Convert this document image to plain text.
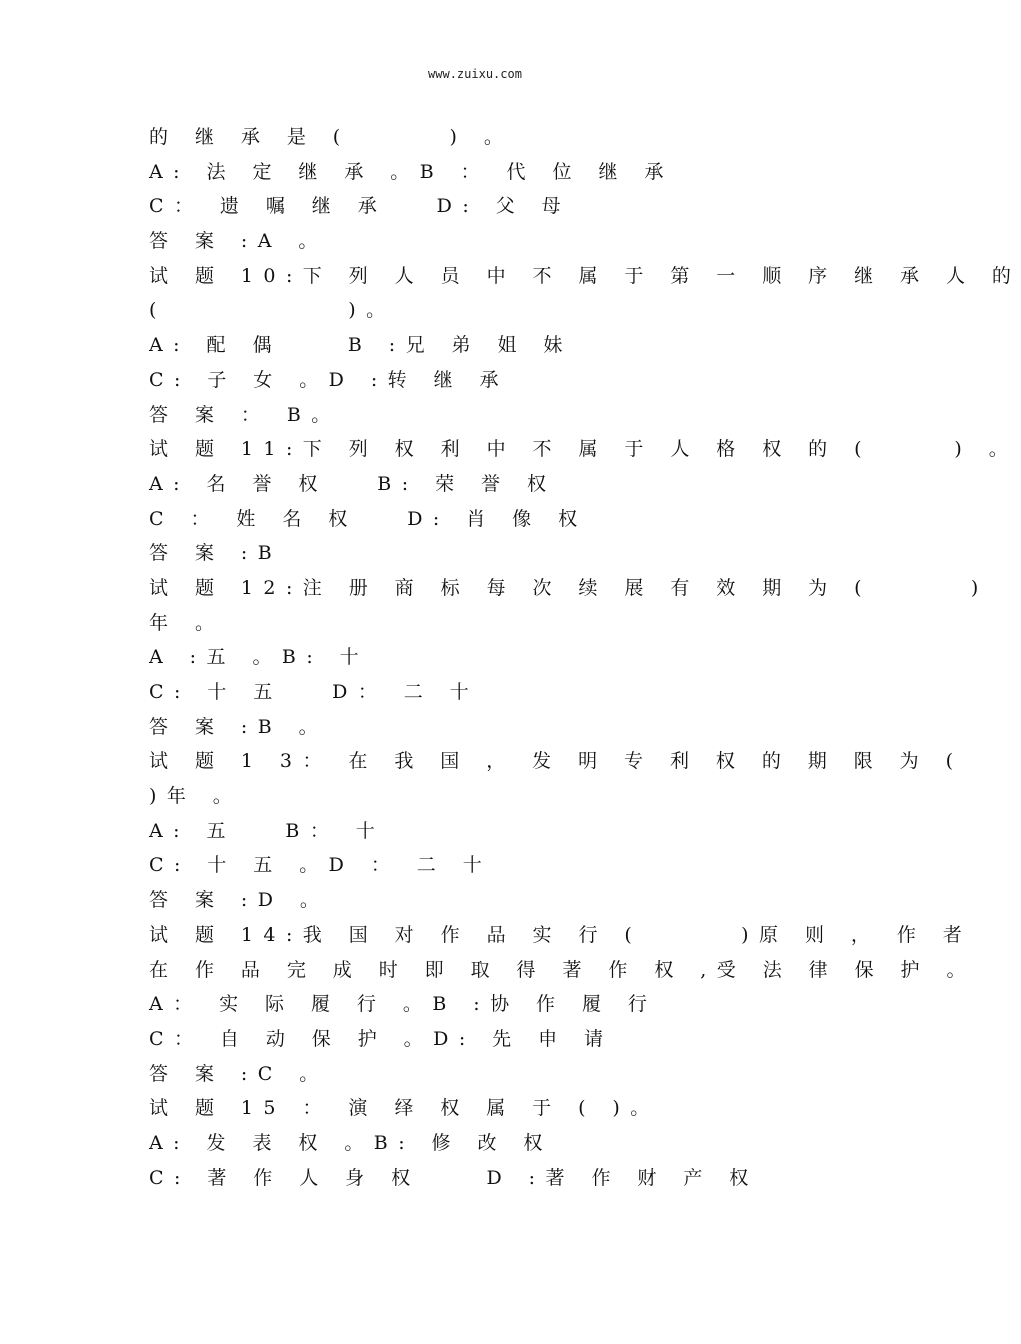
www.zuixu.com
的 继 承 是 (      ) 。
A: 法 定 继 承 。B ： 代 位 继 承
C： 遗 嘱 继 承   D: 父 母
答 案 :A 。
试 题 10:下 列 人 员 中 不 属 于 第 一 顺 序 继 承 人 的
(           )。
A: 配 偶    B :兄 弟 姐 妹
C: 子 女 。D :转 继 承
答 案 ： B。
试 题 11:下 列 权 利 中 不 属 于 人 格 权 的 (     ) 。
A: 名 誉 权   B: 荣 誉 权
C ： 姓 名 权   D: 肖 像 权
答 案 :B
试 题 12:注 册 商 标 每 次 续 展 有 效 期 为 (      )
年 。
A :五 。B: 十
C: 十 五   D： 二 十
答 案 :B 。
试 题 1 3： 在 我 国 ， 发 明 专 利 权 的 期 限 为 (
)年 。
A: 五   B： 十
C: 十 五 。D ： 二 十
答 案 :D 。
试 题 14:我 国 对 作 品 实 行 (      )原 则 ， 作 者
在 作 品 完 成 时 即 取 得 著 作 权 ,受 法 律 保 护 。
A： 实 际 履 行 。B :协 作 履 行
C： 自 动 保 护 。D: 先 申 请
答 案 :C 。
试 题 15 ： 演 绎 权 属 于 ( )。
A: 发 表 权 。B: 修 改 权
C: 著 作 人 身 权    D :著 作 财 产 权
